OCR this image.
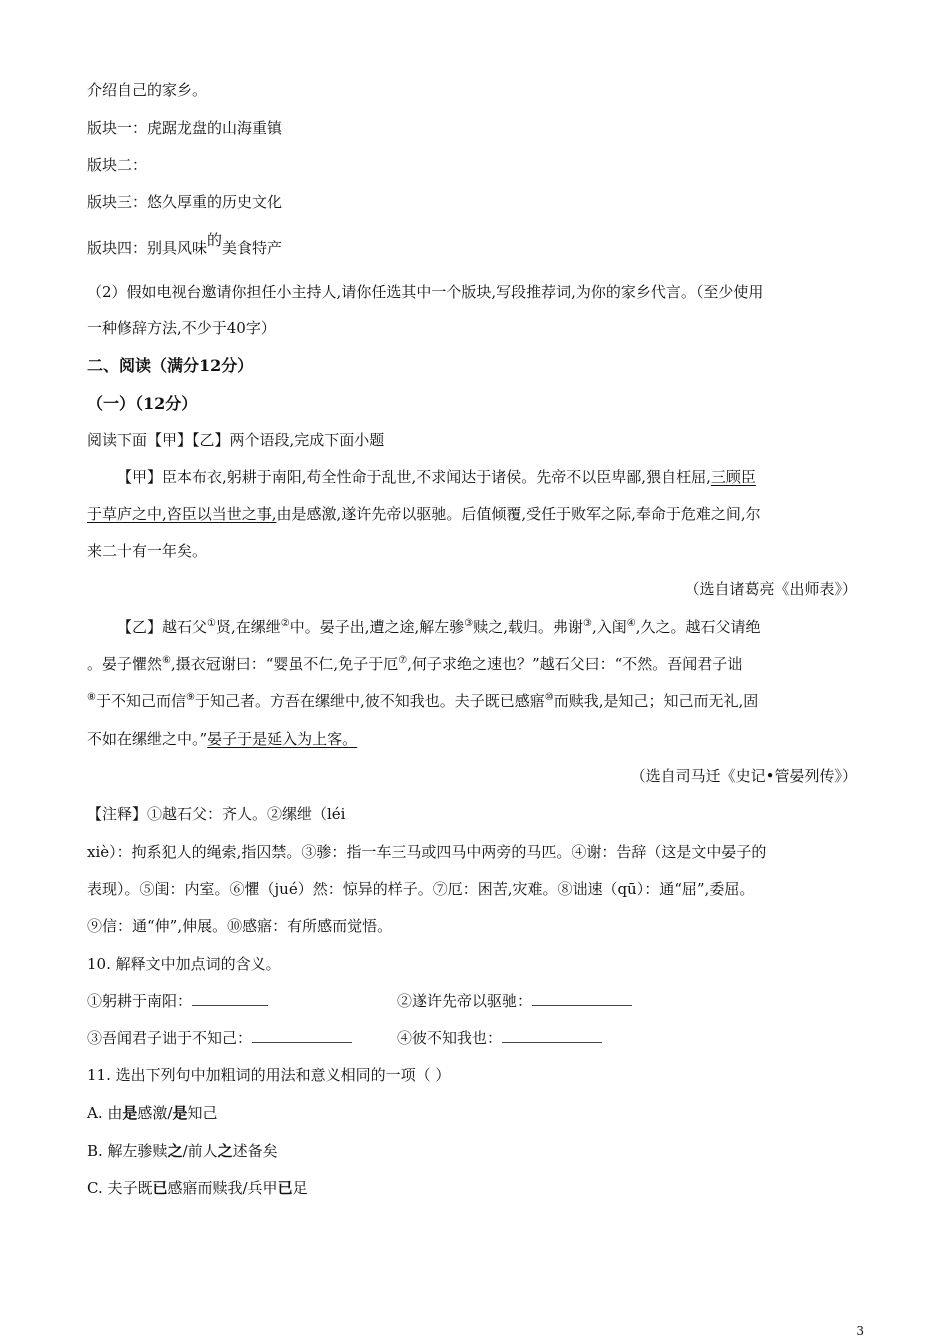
介绍自己的家乡。
版块一：虎踞龙盘的山海重镇
版块二：
版块三：悠久厚重的历史文化
版块四：别具风味的美食特产
（2）假如电视台邀请你担任小主持人,请你任选其中一个版块,写段推荐词,为你的家乡代言。（至少使用
一种修辞方法,不少于40字）
二、阅读（满分12分）
（一）（12分）
阅读下面【甲】【乙】两个语段,完成下面小题
【甲】臣本布衣,躬耕于南阳,苟全性命于乱世,不求闻达于诸侯。先帝不以臣卑鄙,猥自枉屈,三顾臣
于草庐之中,咨臣以当世之事,由是感激,遂许先帝以驱驰。后值倾覆,受任于败军之际,奉命于危难之间,尔
来二十有一年矣。
（选自诸葛亮《出师表》）
【乙】越石父①贤,在缧绁②中。晏子出,遭之途,解左骖③赎之,载归。弗谢③,入闺④,久之。越石父请绝
。晏子懼然⑥,摄衣冠谢曰：“婴虽不仁,免子于厄⑦,何子求绝之速也？”越石父曰：“不然。吾闻君子诎
⑧于不知己而信⑨于知己者。方吾在缧绁中,彼不知我也。夫子既已感寤⑩而赎我,是知己；知己而无礼,固
不如在缧绁之中。”晏子于是延入为上客。
（选自司马迁《史记•管晏列传》）
【注释】①越石父：齐人。②缧绁（léi
xiè）：拘系犯人的绳索,指囚禁。③骖：指一车三马或四马中两旁的马匹。④谢：告辞（这是文中晏子的
表现）。⑤闺：内室。⑥懼（jué）然：惊异的样子。⑦厄：困苦,灾难。⑧诎速（qū）：通“屈”,委屈。
⑨信：通“伸”,伸展。⑩感寤：有所感而觉悟。
10. 解释文中加点词的含义。
①躬耕于南阳：	②遂许先帝以驱驰：
③吾闻君子诎于不知己：	④彼不知我也：
11. 选出下列句中加粗词的用法和意义相同的一项（ ）
A. 由是感激/是知己
B. 解左骖赎之/前人之述备矣
C. 夫子既已感寤而赎我/兵甲已足
3
